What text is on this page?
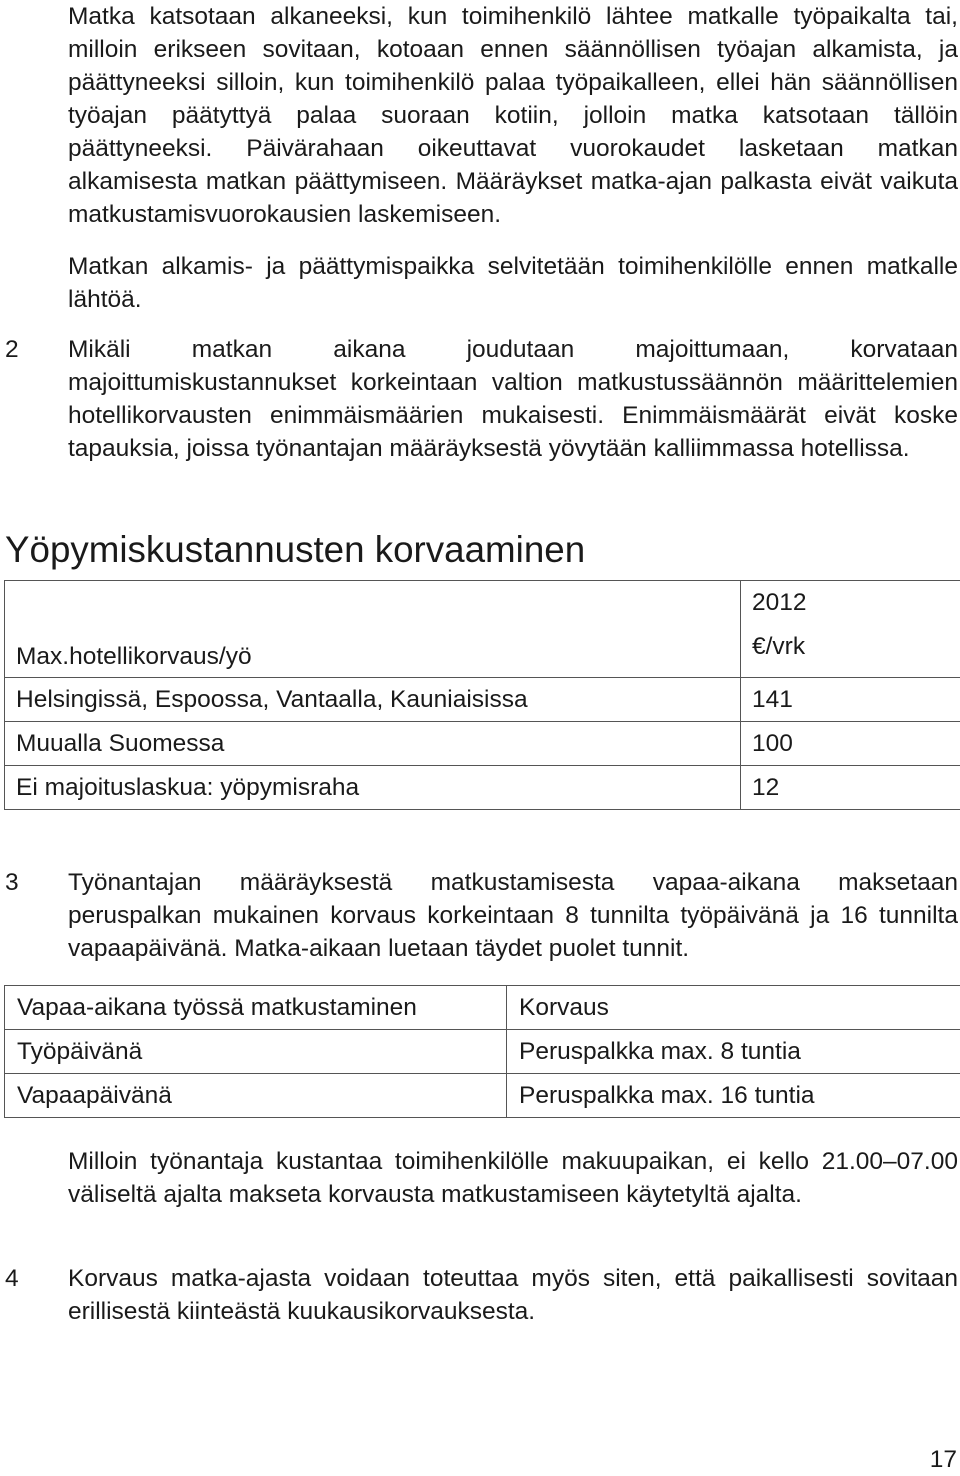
Matka katsotaan alkaneeksi, kun toimihenkilö lähtee matkalle työpaikalta tai, milloin erikseen sovitaan, kotoaan ennen säännöllisen työajan alkamista, ja päättyneeksi silloin, kun toimihenkilö palaa työpaikalleen, ellei hän säännöllisen työajan päätyttyä palaa suoraan kotiin, jolloin matka katsotaan tällöin päättyneeksi. Päivärahaan oikeuttavat vuorokaudet lasketaan matkan alkamisesta matkan päättymiseen. Määräykset matka-ajan palkasta eivät vaikuta matkustamisvuorokausien laskemiseen.

Matkan alkamis- ja päättymispaikka selvitetään toimihenkilölle ennen matkalle lähtöä.

2 Mikäli matkan aikana joudutaan majoittumaan, korvataan majoittumiskustannukset korkeintaan valtion matkustussäännön määrittelemien hotellikorvausten enimmäismäärien mukaisesti. Enimmäismäärät eivät koske tapauksia, joissa työnantajan määräyksestä yövytään kalliimmassa hotellissa.

Yöpymiskustannusten korvaaminen
Max.hotellikorvaus/yö	2012
€/vrk
Helsingissä, Espoossa, Vantaalla, Kauniaisissa	141
Muualla Suomessa	100
Ei majoituslaskua: yöpymisraha	12

3 Työnantajan määräyksestä matkustamisesta vapaa-aikana maksetaan peruspalkan mukainen korvaus korkeintaan 8 tunnilta työpäivänä ja 16 tunnilta vapaapäivänä. Matka-aikaan luetaan täydet puolet tunnit.

Vapaa-aikana työssä matkustaminen	Korvaus
Työpäivänä	Peruspalkka max. 8 tuntia
Vapaapäivänä	Peruspalkka max. 16 tuntia

Milloin työnantaja kustantaa toimihenkilölle makuupaikan, ei kello 21.00–07.00 väliseltä ajalta makseta korvausta matkustamiseen käytetyltä ajalta.

4 Korvaus matka-ajasta voidaan toteuttaa myös siten, että paikallisesti sovitaan erillisestä kiinteästä kuukausikorvauksesta.

17
